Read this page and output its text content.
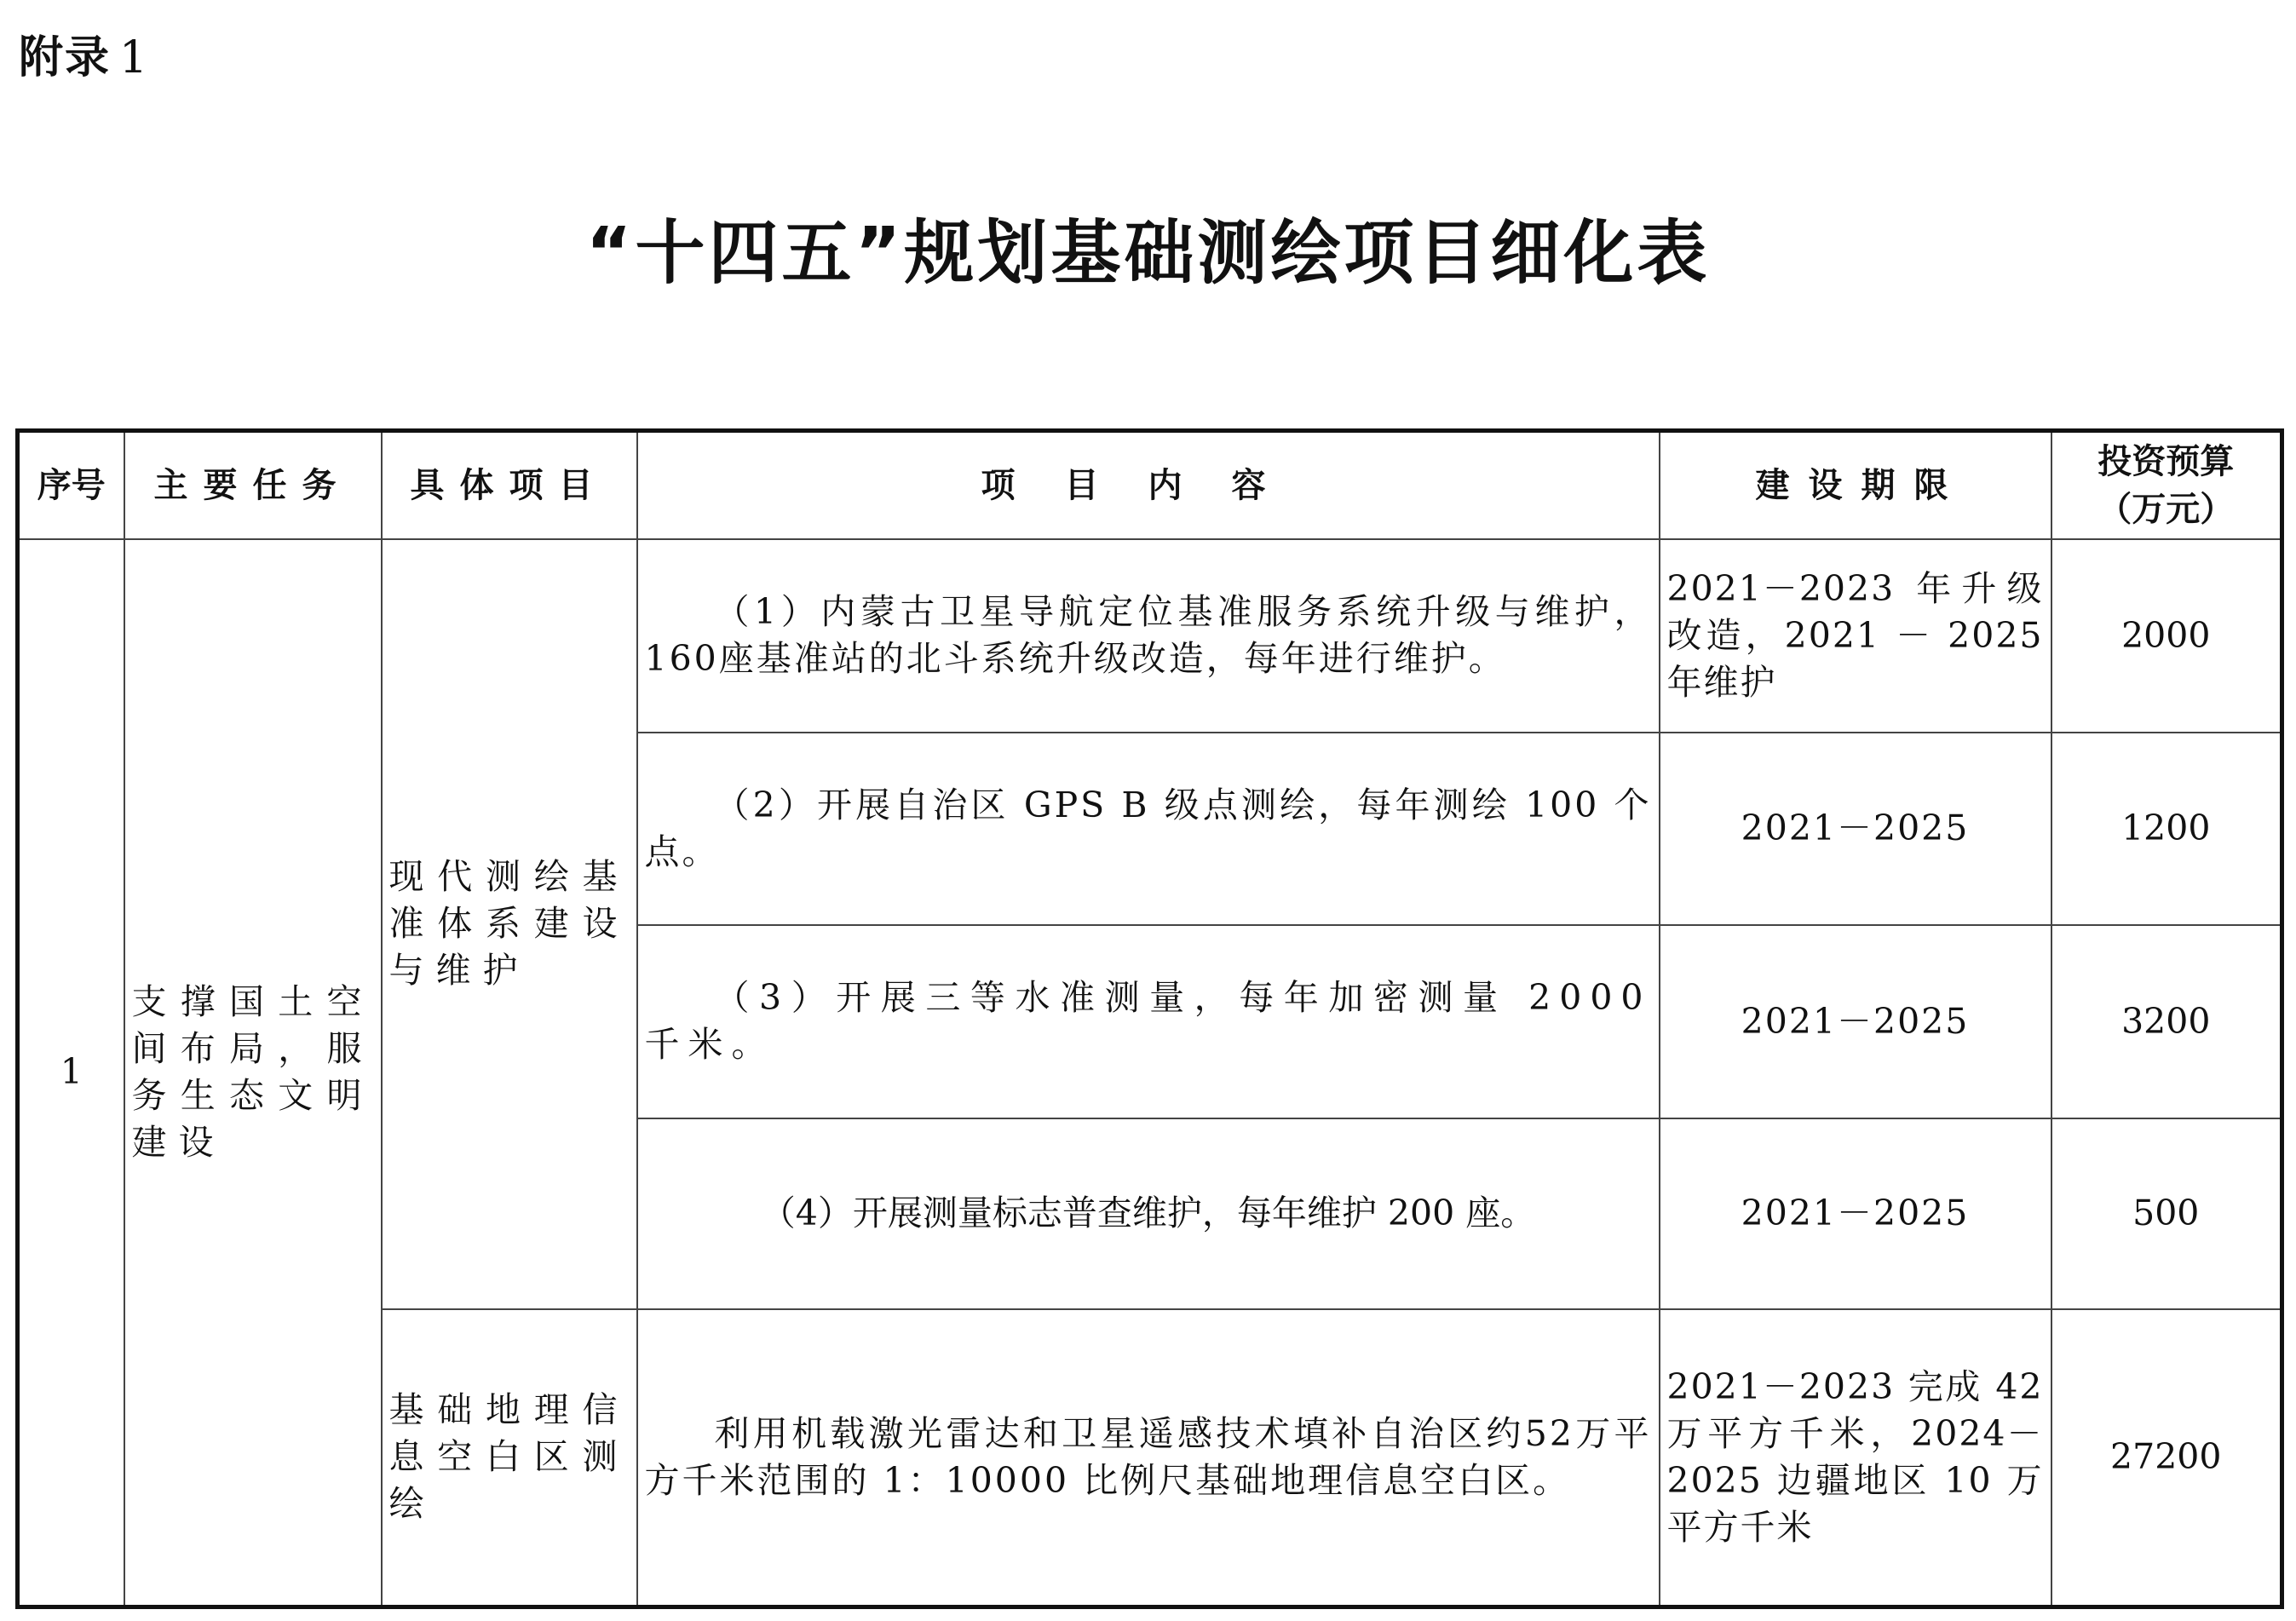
附录 1
“十四五”规划基础测绘项目细化表
序号	主要任务	具体项目	项目内容	建设期限	投资预算
（万元）

1	支撑国土空间布局，服务生态文明建设	现代测绘基准体系建设与维护	（1）内蒙古卫星导航定位基准服务系统升级与维护，160座基准站的北斗系统升级改造，每年进行维护。	2021－2023 年升级改造，2021 － 2025年维护	2000
			（2）开展自治区 GPS B 级点测绘，每年测绘 100 个点。	2021－2025	1200
			（3）开展三等水准测量，每年加密测量 2000 千米。	2021－2025	3200
			（4）开展测量标志普查维护，每年维护 200 座。	2021－2025	500
		基础地理信息空白区测绘	利用机载激光雷达和卫星遥感技术填补自治区约52万平方千米范围的 1：10000 比例尺基础地理信息空白区。	2021－2023 完成 42 万平方千米，2024－2025 边疆地区 10 万平方千米	27200
